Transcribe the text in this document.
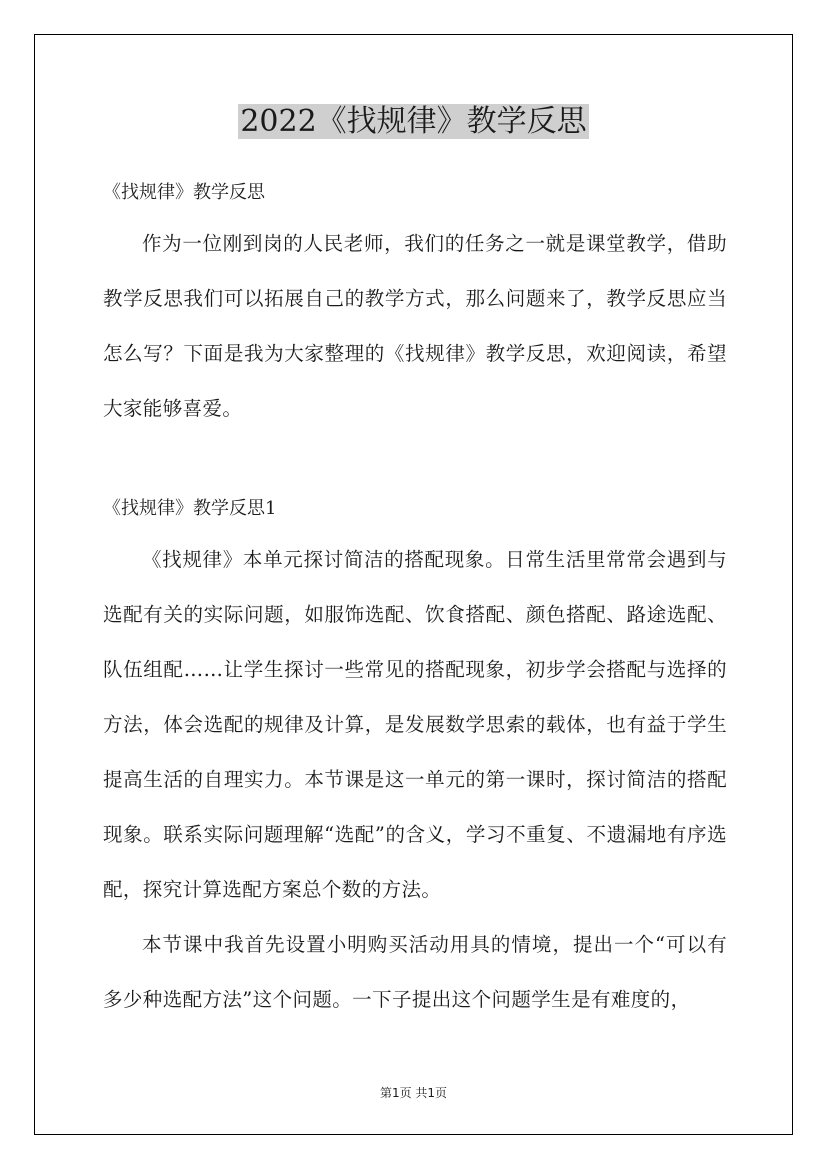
2022《找规律》教学反思

《找规律》教学反思

作为一位刚到岗的人民老师，我们的任务之一就是课堂教学，借助教学反思我们可以拓展自己的教学方式，那么问题来了，教学反思应当怎么写？下面是我为大家整理的《找规律》教学反思，欢迎阅读，希望大家能够喜爱。

《找规律》教学反思1

《找规律》本单元探讨简洁的搭配现象。日常生活里常常会遇到与选配有关的实际问题，如服饰选配、饮食搭配、颜色搭配、路途选配、队伍组配……让学生探讨一些常见的搭配现象，初步学会搭配与选择的方法，体会选配的规律及计算，是发展数学思索的载体，也有益于学生提高生活的自理实力。本节课是这一单元的第一课时，探讨简洁的搭配现象。联系实际问题理解“选配”的含义，学习不重复、不遗漏地有序选配，探究计算选配方案总个数的方法。

本节课中我首先设置小明购买活动用具的情境，提出一个“可以有多少种选配方法”这个问题。一下子提出这个问题学生是有难度的，

第1页 共1页
